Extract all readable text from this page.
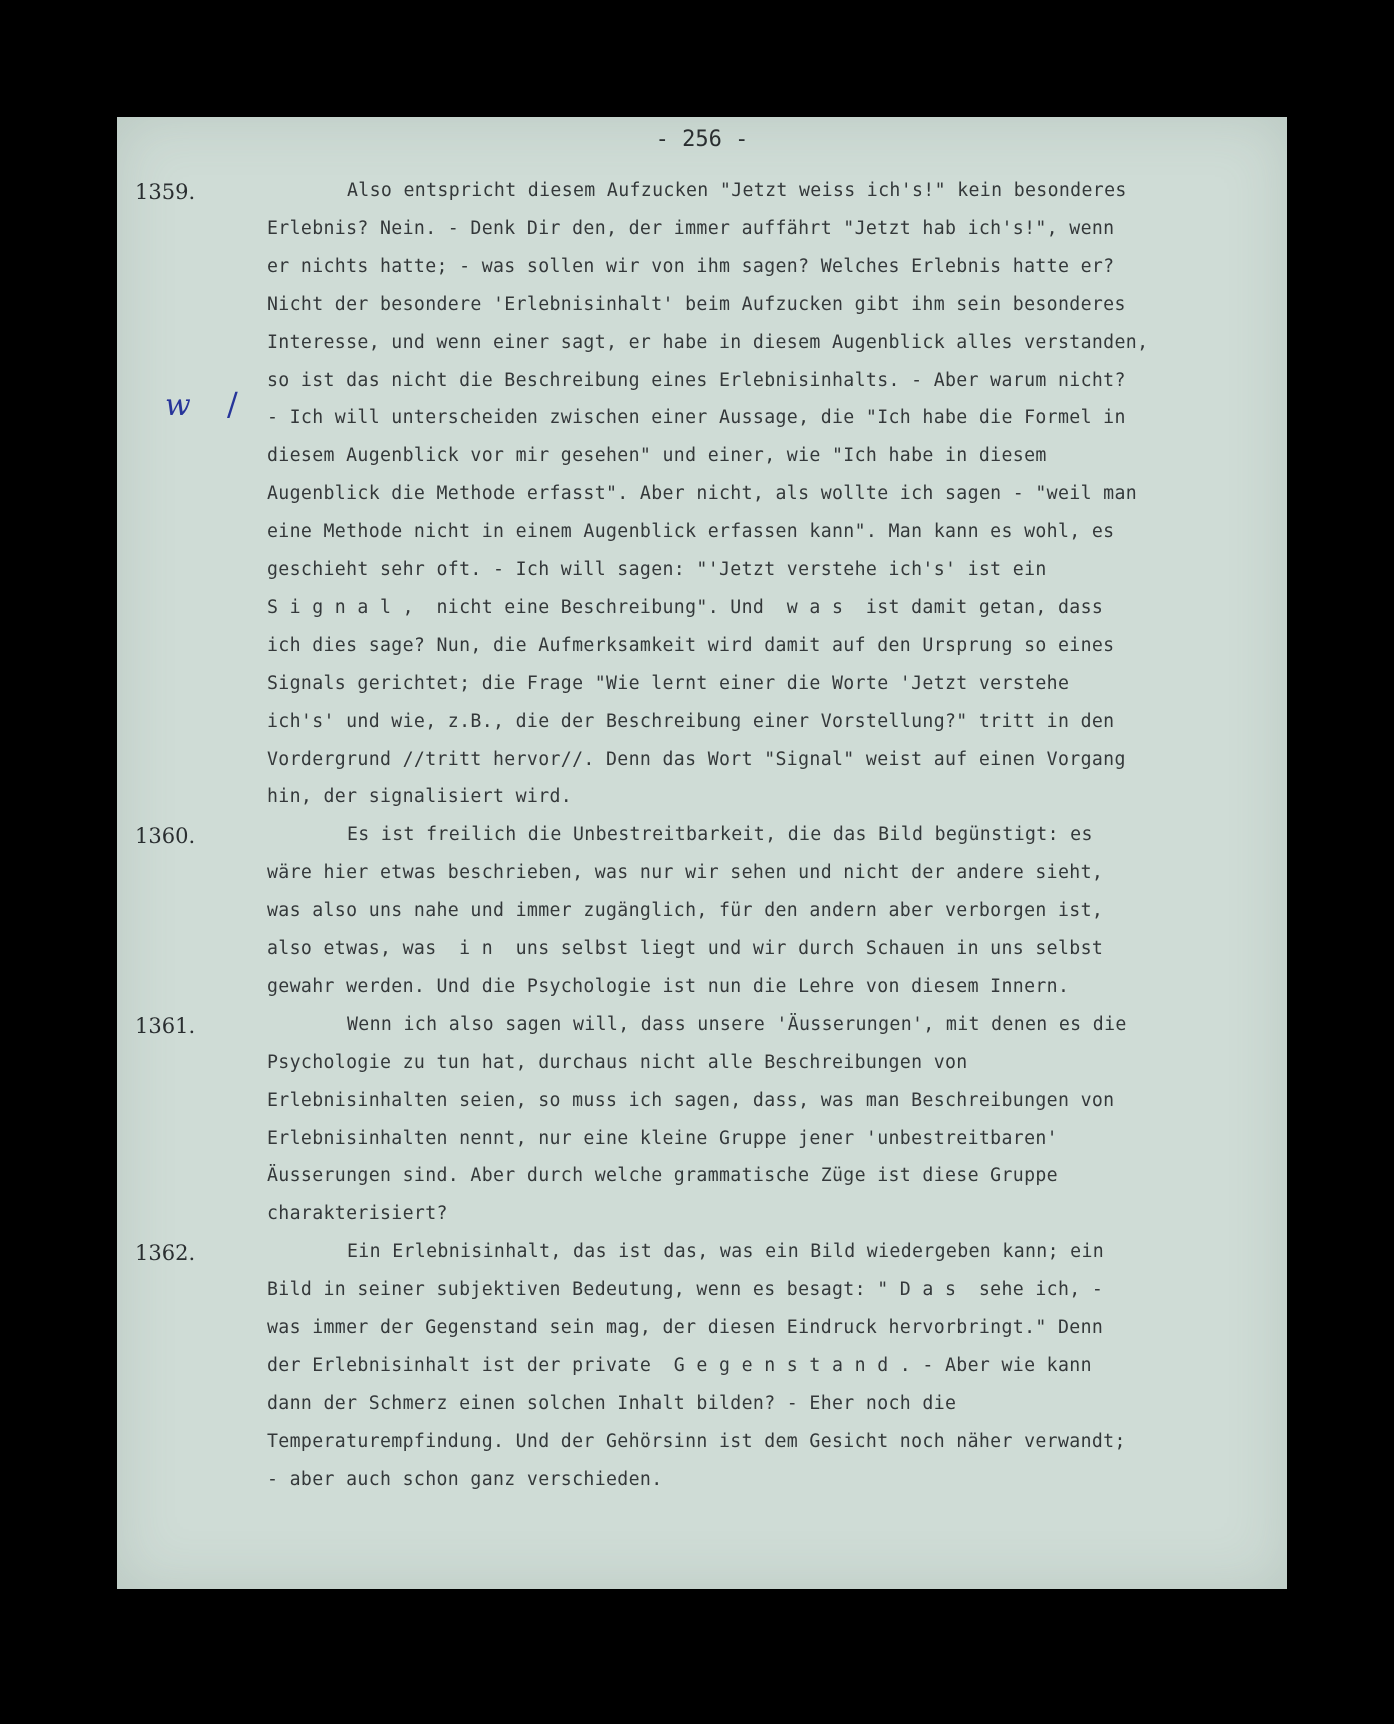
- 256 -
w /
1359.	Also entspricht diesem Aufzucken "Jetzt weiss ich's!" kein besonderes
Erlebnis? Nein. - Denk Dir den, der immer auffährt "Jetzt hab ich's!", wenn
er nichts hatte; - was sollen wir von ihm sagen? Welches Erlebnis hatte er?
Nicht der besondere 'Erlebnisinhalt' beim Aufzucken gibt ihm sein besonderes
Interesse, und wenn einer sagt, er habe in diesem Augenblick alles verstanden,
so ist das nicht die Beschreibung eines Erlebnisinhalts. - Aber warum nicht?
- Ich will unterscheiden zwischen einer Aussage, die "Ich habe die Formel in
diesem Augenblick vor mir gesehen" und einer, wie "Ich habe in diesem
Augenblick die Methode erfasst". Aber nicht, als wollte ich sagen - "weil man
eine Methode nicht in einem Augenblick erfassen kann". Man kann es wohl, es
geschieht sehr oft. - Ich will sagen: "'Jetzt verstehe ich's' ist ein
S i g n a l ,  nicht eine Beschreibung". Und  w a s  ist damit getan, dass
ich dies sage? Nun, die Aufmerksamkeit wird damit auf den Ursprung so eines
Signals gerichtet; die Frage "Wie lernt einer die Worte 'Jetzt verstehe
ich's' und wie, z.B., die der Beschreibung einer Vorstellung?" tritt in den
Vordergrund //tritt hervor//. Denn das Wort "Signal" weist auf einen Vorgang
hin, der signalisiert wird.
1360.	Es ist freilich die Unbestreitbarkeit, die das Bild begünstigt: es
wäre hier etwas beschrieben, was nur wir sehen und nicht der andere sieht,
was also uns nahe und immer zugänglich, für den andern aber verborgen ist,
also etwas, was  i n  uns selbst liegt und wir durch Schauen in uns selbst
gewahr werden. Und die Psychologie ist nun die Lehre von diesem Innern.
1361.	Wenn ich also sagen will, dass unsere 'Äusserungen', mit denen es die
Psychologie zu tun hat, durchaus nicht alle Beschreibungen von
Erlebnisinhalten seien, so muss ich sagen, dass, was man Beschreibungen von
Erlebnisinhalten nennt, nur eine kleine Gruppe jener 'unbestreitbaren'
Äusserungen sind. Aber durch welche grammatische Züge ist diese Gruppe
charakterisiert?
1362.	Ein Erlebnisinhalt, das ist das, was ein Bild wiedergeben kann; ein
Bild in seiner subjektiven Bedeutung, wenn es besagt: " D a s  sehe ich, -
was immer der Gegenstand sein mag, der diesen Eindruck hervorbringt." Denn
der Erlebnisinhalt ist der private  G e g e n s t a n d . - Aber wie kann
dann der Schmerz einen solchen Inhalt bilden? - Eher noch die
Temperaturempfindung. Und der Gehörsinn ist dem Gesicht noch näher verwandt;
- aber auch schon ganz verschieden.
